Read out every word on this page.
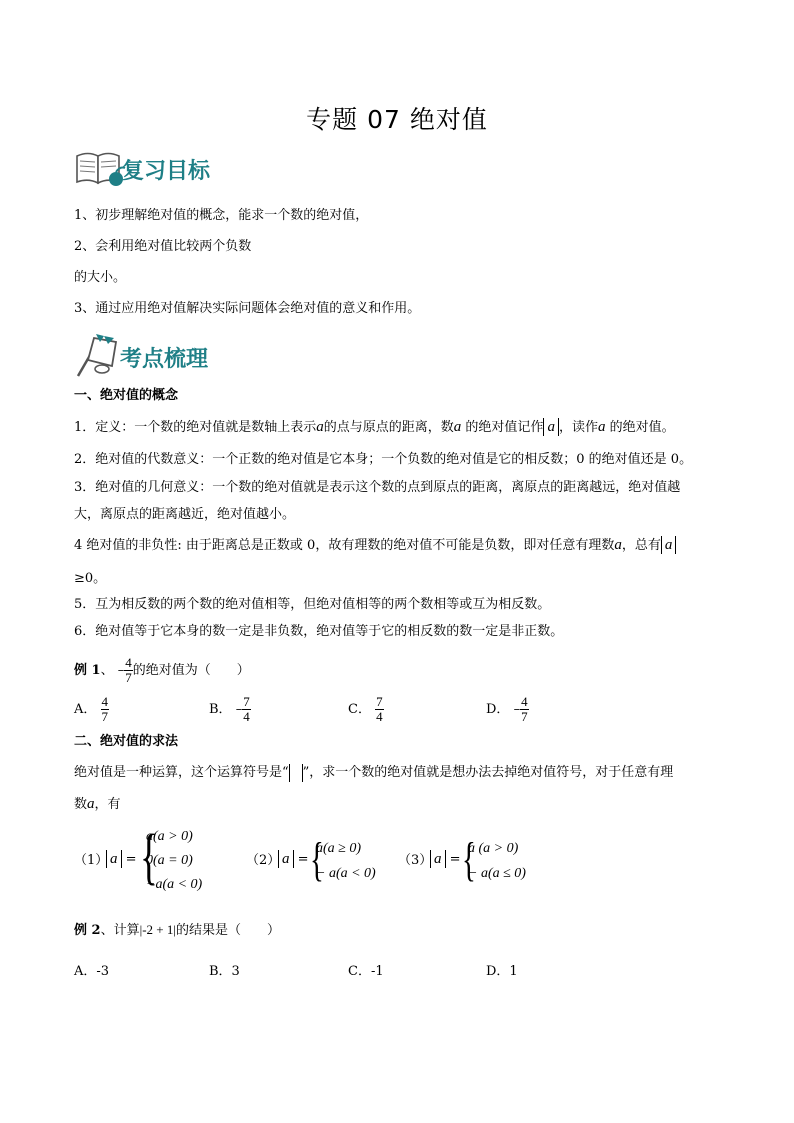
专题 07 绝对值
复习目标
1、初步理解绝对值的概念，能求一个数的绝对值，
2、会利用绝对值比较两个负数
的大小。
3、通过应用绝对值解决实际问题体会绝对值的意义和作用。
考点梳理
一、绝对值的概念
1．定义：一个数的绝对值就是数轴上表示a的点与原点的距离，数a 的绝对值记作 a ，读作a 的绝对值。
2．绝对值的代数意义：一个正数的绝对值是它本身；一个负数的绝对值是它的相反数；0 的绝对值还是 0。
3．绝对值的几何意义：一个数的绝对值就是表示这个数的点到原点的距离，离原点的距离越远，绝对值越
大，离原点的距离越近，绝对值越小。
4 绝对值的非负性: 由于距离总是正数或 0，故有理数的绝对值不可能是负数，即对任意有理数a，总有 a
≥0。
5．互为相反数的两个数的绝对值相等，但绝对值相等的两个数相等或互为相反数。
6．绝对值等于它本身的数一定是非负数，绝对值等于它的相反数的数一定是非正数。
例 1、 – $\frac{4}{7}$ 的绝对值为（　　）
A． $\frac{4}{7}$	B． – $\frac{7}{4}$	C． $\frac{7}{4}$	D． – $\frac{4}{7}$
二、绝对值的求法
绝对值是一种运算，这个运算符号是“ ”，求一个数的绝对值就是想办法去掉绝对值符号，对于任意有理
数a，有
（1） a = {
a(a > 0)
0(a = 0)
−a(a < 0)
（2） a = {
a(a ≥ 0)
− a(a < 0)
（3） a = {
a (a > 0)
− a(a ≤ 0)
例 2、计算|-2 + 1|的结果是（　　）
A．-3	B．3	C．-1	D．1
